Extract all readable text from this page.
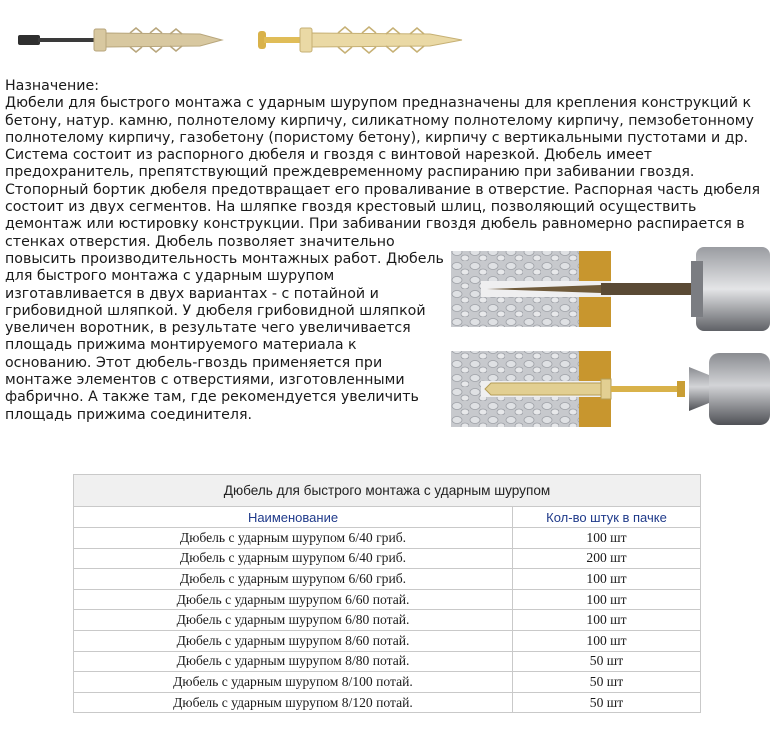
Назначение:

Дюбели для быстрого монтажа с ударным шурупом предназначены для крепления конструкций к бетону, натур. камню, полнотелому кирпичу, силикатному полнотелому кирпичу, пемзобетонному полнотелому кирпичу, газобетону (пористому бетону), кирпичу с вертикальными пустотами и др. Система состоит из распорного дюбеля и гвоздя с винтовой нарезкой. Дюбель имеет предохранитель, препятствующий преждевременному распиранию при забивании гвоздя. Стопорный бортик дюбеля предотвращает его проваливание в отверстие. Распорная часть дюбеля состоит из двух сегментов. На шляпке гвоздя крестовый шлиц, позволяющий осуществить демонтаж или юстировку конструкции. При забивании гвоздя дюбель равномерно распирается в стенках отверстия. Дюбель позволяет значительно

повысить производительность монтажных работ. Дюбель для быстрого монтажа с ударным шурупом изготавливается в двух вариантах - с потайной и грибовидной шляпкой. У дюбеля грибовидной шляпкой увеличен воротник, в результате чего увеличивается площадь прижима монтируемого материала к основанию. Этот дюбель-гвоздь применяется при монтаже элементов с отверстиями, изготовленными фабрично. А также там, где рекомендуется увеличить площадь прижима соединителя.

Дюбель для быстрого монтажа с ударным шурупом	
Наименование	Кол-во штук в пачке
Дюбель с ударным шурупом 6/40 гриб.	100 шт
Дюбель с ударным шурупом 6/40 гриб.	200 шт
Дюбель с ударным шурупом 6/60 гриб.	100 шт
Дюбель с ударным шурупом 6/60 потай.	100 шт
Дюбель с ударным шурупом 6/80 потай.	100 шт
Дюбель с ударным шурупом 8/60 потай.	100 шт
Дюбель с ударным шурупом 8/80 потай.	50 шт
Дюбель с ударным шурупом 8/100 потай.	50 шт
Дюбель с ударным шурупом 8/120 потай.	50 шт
